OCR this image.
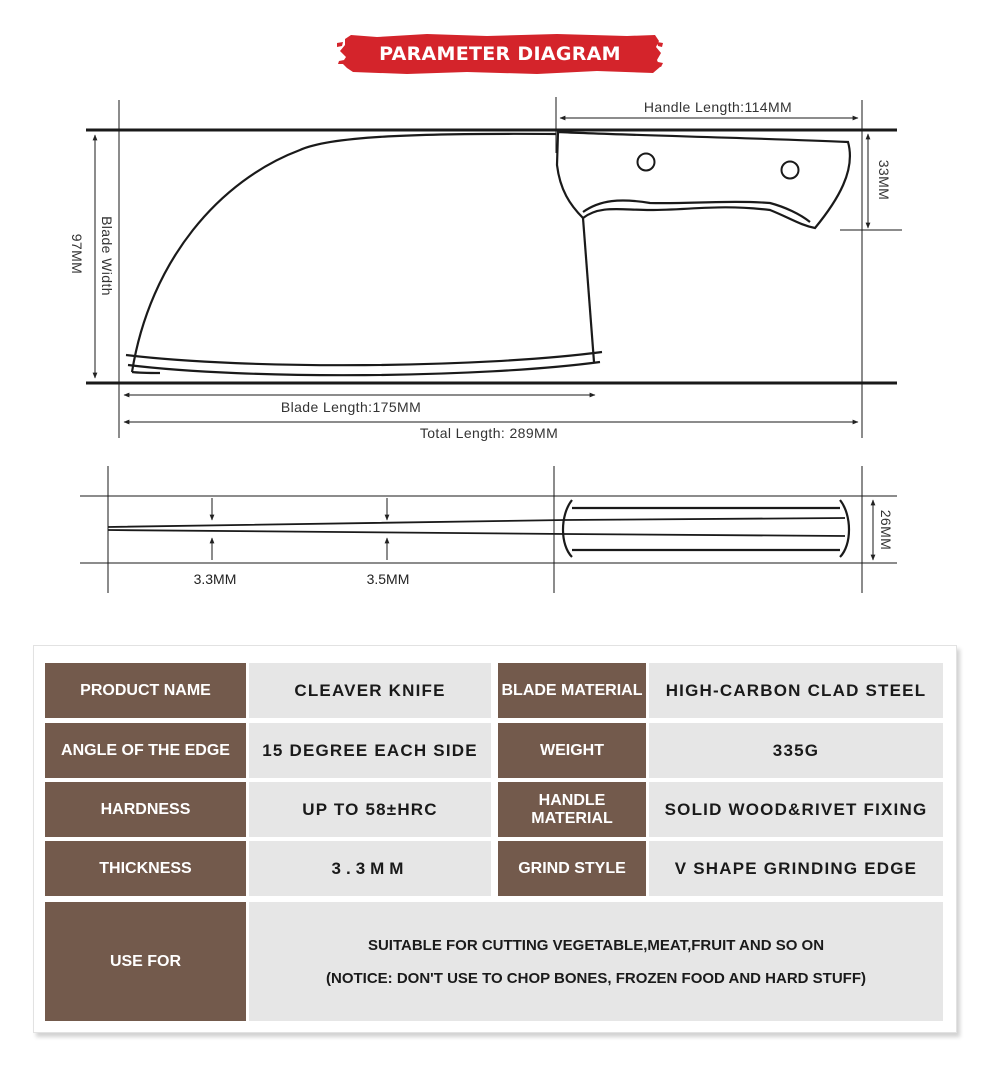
PARAMETER DIAGRAM
Handle Length:114MM
33MM
Blade Width
97MM
Blade Length:175MM
Total Length: 289MM
3.3MM	3.5MM
26MM
PRODUCT NAME	CLEAVER KNIFE	BLADE MATERIAL	HIGH-CARBON CLAD STEEL
ANGLE OF THE EDGE	15 DEGREE EACH SIDE	WEIGHT	335G
HARDNESS	UP TO 58±HRC	HANDLE MATERIAL	SOLID WOOD&RIVET FIXING
THICKNESS	3.3MM	GRIND STYLE	V SHAPE GRINDING EDGE
USE FOR
SUITABLE FOR CUTTING VEGETABLE,MEAT,FRUIT AND SO ON
(NOTICE: DON'T USE TO CHOP BONES, FROZEN FOOD AND HARD STUFF)
